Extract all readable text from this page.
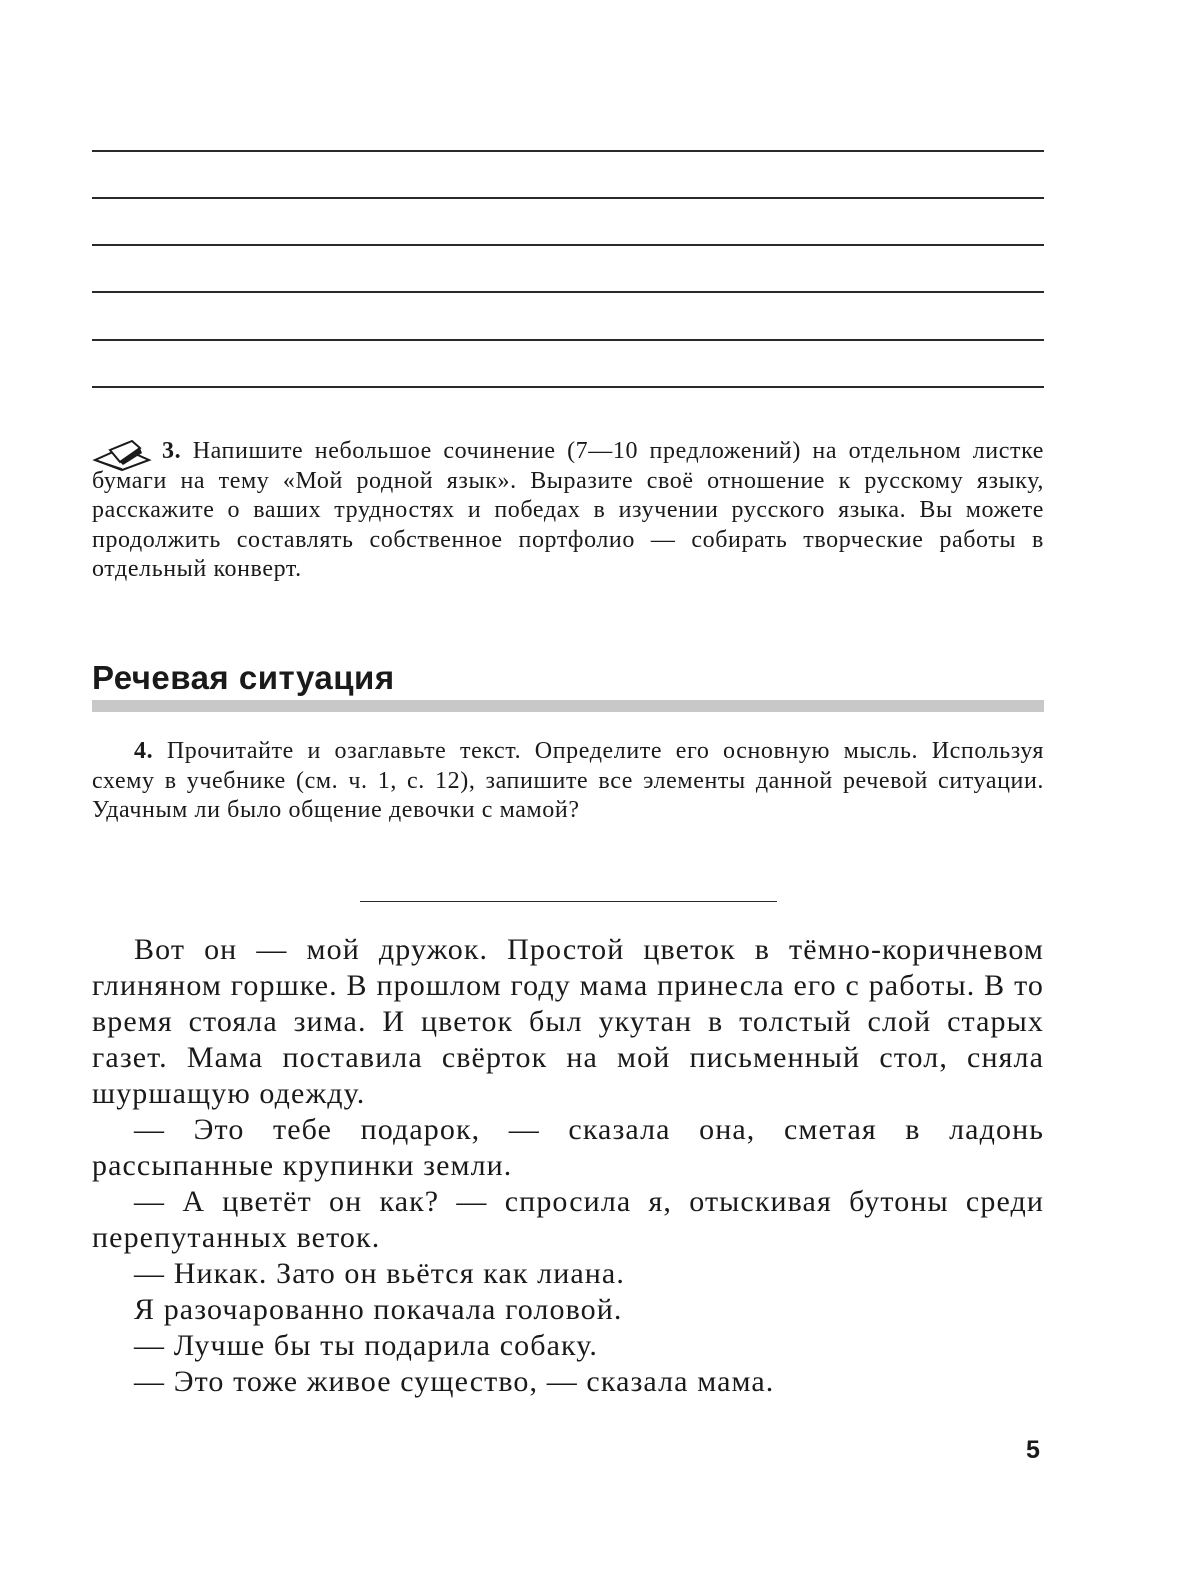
3. Напишите небольшое сочинение (7—10 предложений) на отдельном листке бумаги на тему «Мой родной язык». Выразите своё отношение к русскому языку, расскажите о ваших трудностях и победах в изучении русского языка. Вы можете продолжить составлять собственное портфолио — собирать творческие работы в отдельный конверт.

Речевая ситуация

4. Прочитайте и озаглавьте текст. Определите его основную мысль. Используя схему в учебнике (см. ч. 1, с. 12), запишите все элементы данной речевой ситуации. Удачным ли было общение девочки с мамой?

Вот он — мой дружок. Простой цветок в тёмно-коричневом глиняном горшке. В прошлом году мама принесла его с работы. В то время стояла зима. И цветок был укутан в толстый слой старых газет. Мама поставила свёрток на мой письменный стол, сняла шуршащую одежду.

— Это тебе подарок, — сказала она, сметая в ладонь рассыпанные крупинки земли.

— А цветёт он как? — спросила я, отыскивая бутоны среди перепутанных веток.

— Никак. Зато он вьётся как лиана.

Я разочарованно покачала головой.

— Лучше бы ты подарила собаку.

— Это тоже живое существо, — сказала мама.

5
